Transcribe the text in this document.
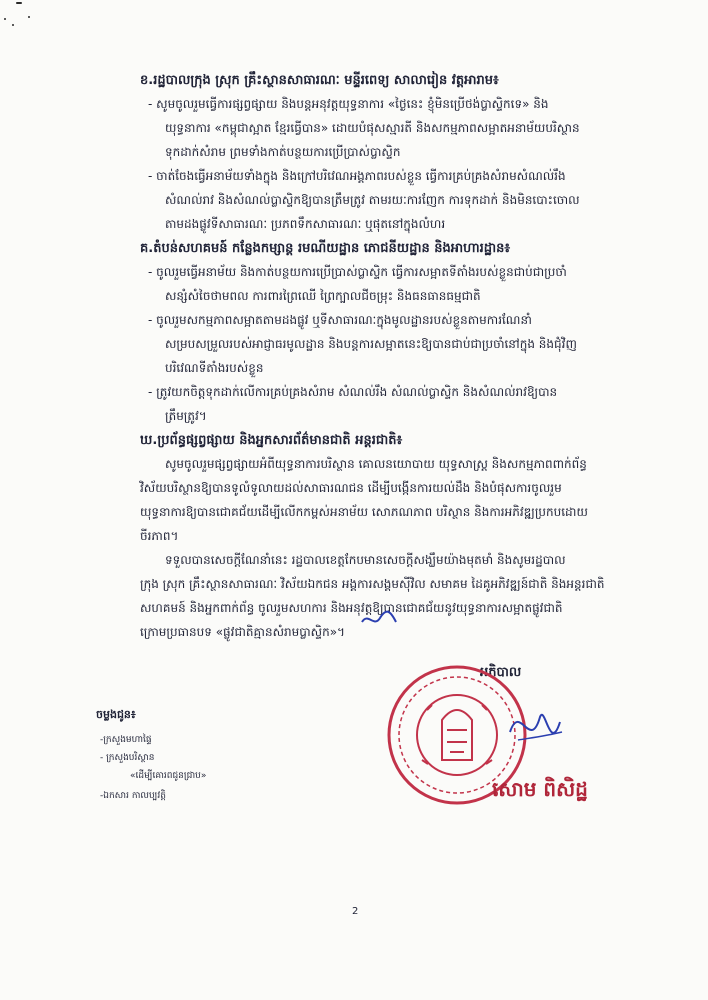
ខ.រដ្ឋបាលក្រុង ស្រុក គ្រឹះស្ថានសាធារណៈ មន្ទីរពេទ្យ សាលារៀន វត្តអារាម៖
- សូមចូលរួមធ្វើការផ្សព្វផ្សាយ និងបន្តអនុវត្តយុទ្ធនាការ «ថ្ងៃនេះ ខ្ញុំមិនប្រើថង់ប្លាស្ទិកទេ» និង
យុទ្ធនាការ «កម្ពុជាស្អាត ខ្មែរធ្វើបាន» ដោយបំផុសស្មារតី និងសកម្មភាពសម្អាតអនាម័យបរិស្ថាន
ទុកដាក់សំរាម ព្រមទាំងកាត់បន្ថយការប្រើប្រាស់ប្លាស្ទិក
- ចាត់ចែងធ្វើអនាម័យទាំងក្នុង និងក្រៅបរិវេណអង្គភាពរបស់ខ្លួន ធ្វើការគ្រប់គ្រងសំរាមសំណល់រឹង
សំណល់រាវ និងសំណល់ប្លាស្ទិកឱ្យបានត្រឹមត្រូវ តាមរយៈការញែក ការទុកដាក់ និងមិនបោះចោល
តាមដងផ្លូវទីសាធារណៈ ប្រភពទឹកសាធារណៈ ឬផុតនៅក្នុងលំហរ
គ.តំបន់សហគមន៍ កន្លែងកម្សាន្ត រមណីយដ្ឋាន ភោជនីយដ្ឋាន និងអាហារដ្ឋាន៖
- ចូលរួមធ្វើអនាម័យ និងកាត់បន្ថយការប្រើប្រាស់ប្លាស្ទិក ធ្វើការសម្អាតទីតាំងរបស់ខ្លួនជាប់ជាប្រចាំ
សន្សំសំចៃថាមពល ការពារព្រៃឈើ ព្រៃក្បាលជីចម្រុះ និងធនធានធម្មជាតិ
- ចូលរួមសកម្មភាពសម្អាតតាមដងផ្លូវ ឬទីសាធារណៈក្នុងមូលដ្ឋានរបស់ខ្លួនតាមការណែនាំ
សម្របសម្រួលរបស់អាជ្ញាធរមូលដ្ឋាន និងបន្តការសម្អាតនេះឱ្យបានជាប់ជាប្រចាំនៅក្នុង និងជុំវិញ
បរិវេណទីតាំងរបស់ខ្លួន
- ត្រូវយកចិត្តទុកដាក់លើការគ្រប់គ្រងសំរាម សំណល់រឹង សំណល់ប្លាស្ទិក និងសំណល់រាវឱ្យបាន
ត្រឹមត្រូវ។
ឃ.ប្រព័ន្ធផ្សព្វផ្សាយ និងអ្នកសារព័ត៌មានជាតិ អន្តរជាតិ៖
សូមចូលរួមផ្សព្វផ្សាយអំពីយុទ្ធនាការបរិស្ថាន គោលនយោបាយ យុទ្ធសាស្ត្រ និងសកម្មភាពពាក់ព័ន្ធ
វិស័យបរិស្ថានឱ្យបានទូលំទូលាយដល់សាធារណជន ដើម្បីបង្កើនការយល់ដឹង និងបំផុសការចូលរួម
យុទ្ធនាការឱ្យបានជោគជ័យដើម្បីលើកកម្ពស់អនាម័យ សោភណភាព បរិស្ថាន និងការអភិវឌ្ឍប្រកបដោយ
ចីរភាព។
ទទួលបានសេចក្តីណែនាំនេះ រដ្ឋបាលខេត្តកែបមានសេចក្តីសង្ឃឹមយ៉ាងមុតមាំ និងសូមរដ្ឋបាល
ក្រុង ស្រុក គ្រឹះស្ថានសាធារណៈ វិស័យឯកជន អង្គការសង្គមស៊ីវិល សមាគម ដៃគូអភិវឌ្ឍន៍ជាតិ និងអន្តរជាតិ
សហគមន៍ និងអ្នកពាក់ព័ន្ធ ចូលរួមសហការ និងអនុវត្តឱ្យបានជោគជ័យនូវយុទ្ធនាការសម្អាតផ្លូវជាតិ
ក្រោមប្រធានបទ «ផ្លូវជាតិគ្មានសំរាមប្លាស្ទិក»។
អភិបាល
សោម ពិសិដ្ឋ
ចម្លងជូន៖
-ក្រសួងមហាផ្ទៃ
- ក្រសួងបរិស្ថាន
«ដើម្បីគោរពជូនជ្រាប»
-ឯកសារ កាលប្បវត្តិ
2
